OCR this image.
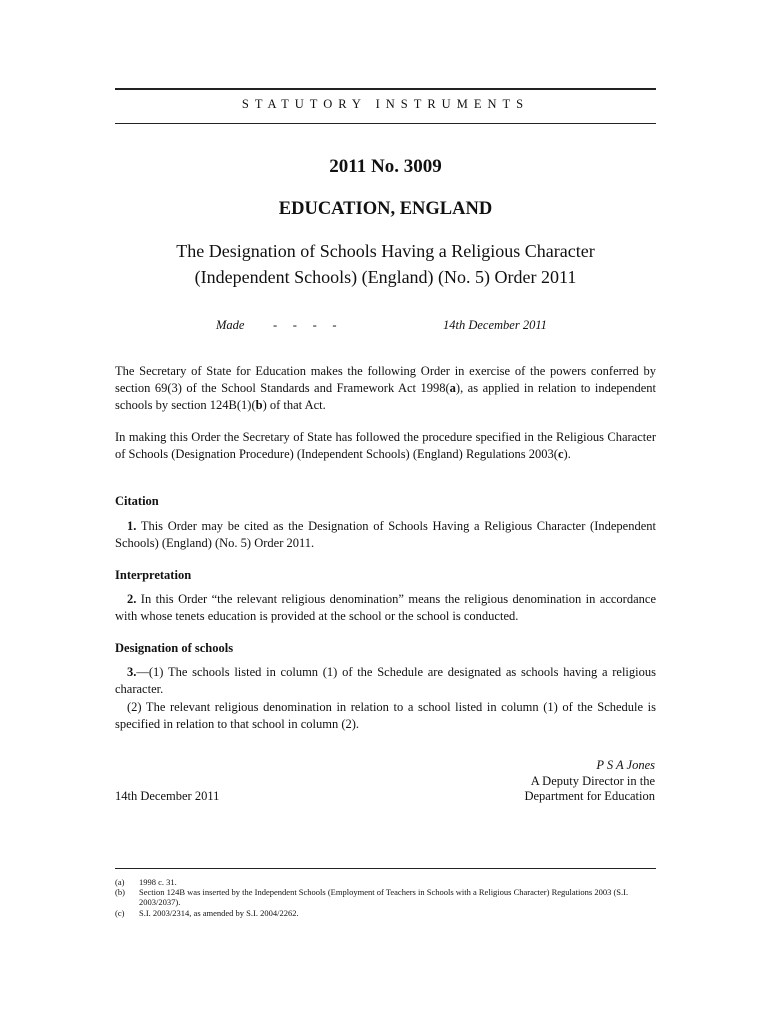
STATUTORY INSTRUMENTS
2011 No. 3009
EDUCATION, ENGLAND
The Designation of Schools Having a Religious Character
(Independent Schools) (England) (No. 5) Order 2011
Made -     -     -     -	14th December 2011
The Secretary of State for Education makes the following Order in exercise of the powers conferred by section 69(3) of the School Standards and Framework Act 1998(a), as applied in relation to independent schools by section 124B(1)(b) of that Act.
In making this Order the Secretary of State has followed the procedure specified in the Religious Character of Schools (Designation Procedure) (Independent Schools) (England) Regulations 2003(c).
Citation
1. This Order may be cited as the Designation of Schools Having a Religious Character (Independent Schools) (England) (No. 5) Order 2011.
Interpretation
2. In this Order “the relevant religious denomination” means the religious denomination in accordance with whose tenets education is provided at the school or the school is conducted.
Designation of schools
3.—(1) The schools listed in column (1) of the Schedule are designated as schools having a religious character.
(2) The relevant religious denomination in relation to a school listed in column (1) of the Schedule is specified in relation to that school in column (2).
P S A Jones
A Deputy Director in the
Department for Education
14th December 2011
(a) 1998 c. 31.
(b) Section 124B was inserted by the Independent Schools (Employment of Teachers in Schools with a Religious Character) Regulations 2003 (S.I. 2003/2037).
(c) S.I. 2003/2314, as amended by S.I. 2004/2262.
